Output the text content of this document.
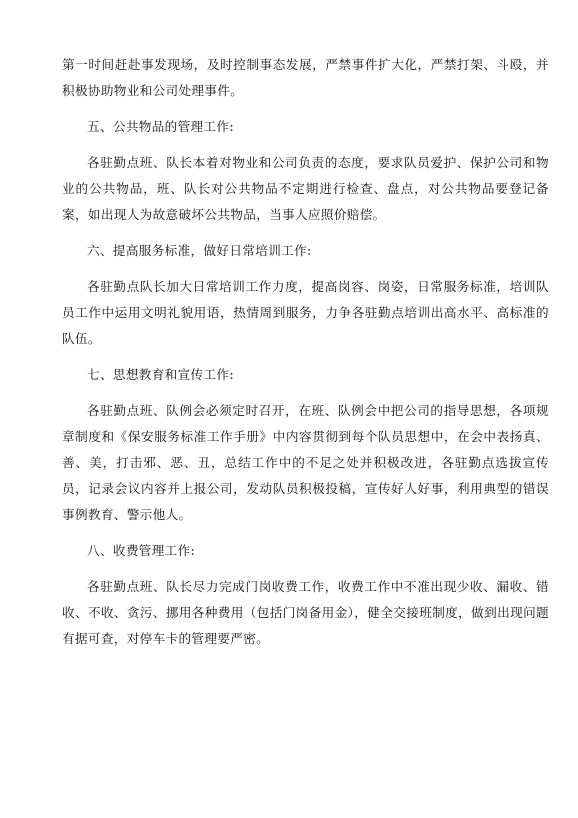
第一时间赶赴事发现场，及时控制事态发展，严禁事件扩大化，严禁打架、斗殴，并积极协助物业和公司处理事件。

五、公共物品的管理工作:

各驻勤点班、队长本着对物业和公司负责的态度，要求队员爱护、保护公司和物业的公共物品，班、队长对公共物品不定期进行检查、盘点，对公共物品要登记备案，如出现人为故意破坏公共物品，当事人应照价赔偿。

六、提高服务标准，做好日常培训工作:

各驻勤点队长加大日常培训工作力度，提高岗容、岗姿，日常服务标准，培训队员工作中运用文明礼貌用语，热情周到服务，力争各驻勤点培训出高水平、高标准的队伍。

七、思想教育和宣传工作:

各驻勤点班、队例会必须定时召开，在班、队例会中把公司的指导思想，各项规章制度和《保安服务标准工作手册》中内容贯彻到每个队员思想中，在会中表扬真、善、美，打击邪、恶、丑，总结工作中的不足之处并积极改进，各驻勤点选拔宣传员，记录会议内容并上报公司，发动队员积极投稿，宣传好人好事，利用典型的错误事例教育、警示他人。

八、收费管理工作:

各驻勤点班、队长尽力完成门岗收费工作，收费工作中不准出现少收、漏收、错收、不收、贪污、挪用各种费用（包括门岗备用金），健全交接班制度，做到出现问题有据可查，对停车卡的管理要严密。
